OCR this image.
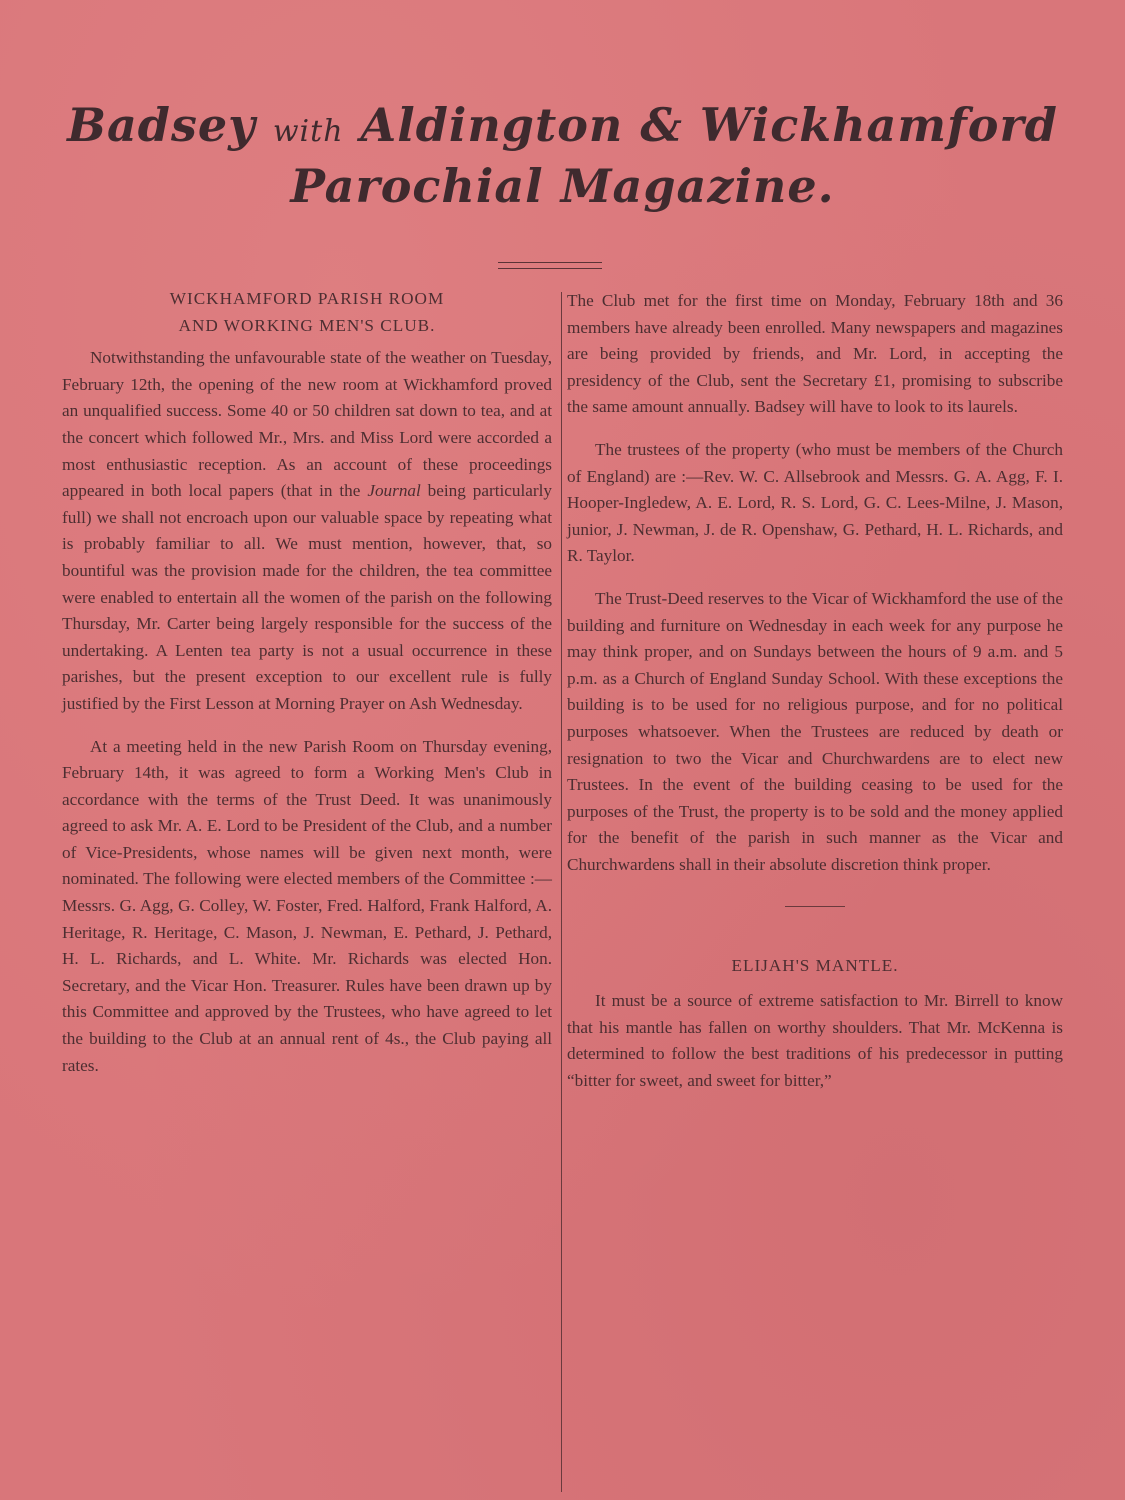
Badsey with Aldington & Wickhamford
Parochial Magazine.
WICKHAMFORD PARISH ROOM
AND WORKING MEN'S CLUB.

Notwithstanding the unfavourable state of the weather on Tuesday, February 12th, the opening of the new room at Wickhamford proved an unqualified success. Some 40 or 50 children sat down to tea, and at the concert which followed Mr., Mrs. and Miss Lord were accorded a most enthusiastic reception. As an account of these proceedings appeared in both local papers (that in the Journal being particularly full) we shall not encroach upon our valuable space by repeating what is probably familiar to all. We must mention, however, that, so bountiful was the provision made for the children, the tea committee were enabled to entertain all the women of the parish on the following Thursday, Mr. Carter being largely responsible for the success of the undertaking. A Lenten tea party is not a usual occurrence in these parishes, but the present exception to our excellent rule is fully justified by the First Lesson at Morning Prayer on Ash Wednesday.

At a meeting held in the new Parish Room on Thursday evening, February 14th, it was agreed to form a Working Men's Club in accordance with the terms of the Trust Deed. It was unanimously agreed to ask Mr. A. E. Lord to be President of the Club, and a number of Vice-Presidents, whose names will be given next month, were nominated. The following were elected members of the Committee :—Messrs. G. Agg, G. Colley, W. Foster, Fred. Halford, Frank Halford, A. Heritage, R. Heritage, C. Mason, J. Newman, E. Pethard, J. Pethard, H. L. Richards, and L. White. Mr. Richards was elected Hon. Secretary, and the Vicar Hon. Treasurer. Rules have been drawn up by this Committee and approved by the Trustees, who have agreed to let the building to the Club at an annual rent of 4s., the Club paying all rates.

The Club met for the first time on Monday, February 18th and 36 members have already been enrolled. Many newspapers and magazines are being provided by friends, and Mr. Lord, in accepting the presidency of the Club, sent the Secretary £1, promising to subscribe the same amount annually. Badsey will have to look to its laurels.

The trustees of the property (who must be members of the Church of England) are :—Rev. W. C. Allsebrook and Messrs. G. A. Agg, F. I. Hooper-Ingledew, A. E. Lord, R. S. Lord, G. C. Lees-Milne, J. Mason, junior, J. Newman, J. de R. Openshaw, G. Pethard, H. L. Richards, and R. Taylor.

The Trust-Deed reserves to the Vicar of Wickhamford the use of the building and furniture on Wednesday in each week for any purpose he may think proper, and on Sundays between the hours of 9 a.m. and 5 p.m. as a Church of England Sunday School. With these exceptions the building is to be used for no religious purpose, and for no political purposes whatsoever. When the Trustees are reduced by death or resignation to two the Vicar and Churchwardens are to elect new Trustees. In the event of the building ceasing to be used for the purposes of the Trust, the property is to be sold and the money applied for the benefit of the parish in such manner as the Vicar and Churchwardens shall in their absolute discretion think proper.

ELIJAH'S MANTLE.

It must be a source of extreme satisfaction to Mr. Birrell to know that his mantle has fallen on worthy shoulders. That Mr. McKenna is determined to follow the best traditions of his predecessor in putting “bitter for sweet, and sweet for bitter,”
